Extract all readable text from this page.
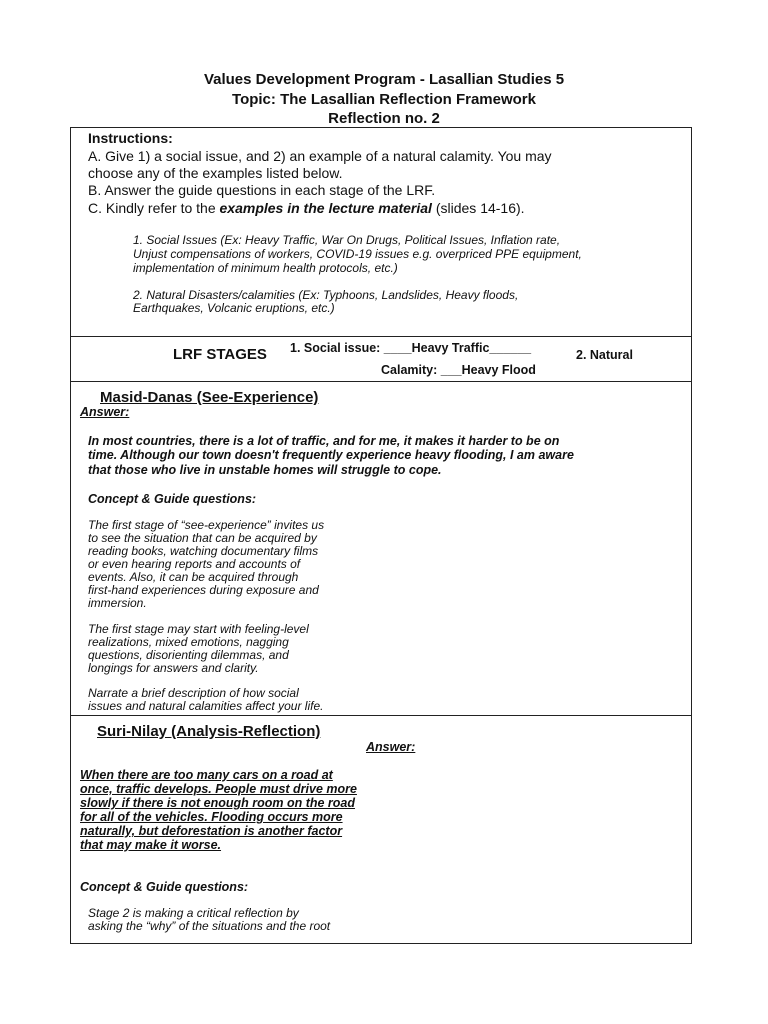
Values Development Program - Lasallian Studies 5
Topic: The Lasallian Reflection Framework
Reflection no. 2
Instructions:
A. Give 1) a social issue, and 2) an example of a natural calamity. You may
choose any of the examples listed below.
B. Answer the guide questions in each stage of the LRF.
C. Kindly refer to the examples in the lecture material (slides 14-16).
1. Social Issues (Ex: Heavy Traffic, War On Drugs, Political Issues, Inflation rate,
Unjust compensations of workers, COVID-19 issues e.g. overpriced PPE equipment,
implementation of minimum health protocols, etc.)
2. Natural Disasters/calamities (Ex: Typhoons, Landslides, Heavy floods,
Earthquakes, Volcanic eruptions, etc.)
LRF STAGES 1. Social issue: ____Heavy Traffic______	2. Natural
Calamity: ___Heavy Flood
Masid-Danas (See-Experience)
Answer:
In most countries, there is a lot of traffic, and for me, it makes it harder to be on
time. Although our town doesn't frequently experience heavy flooding, I am aware
that those who live in unstable homes will struggle to cope.
Concept & Guide questions:
The first stage of “see-experience” invites us
to see the situation that can be acquired by
reading books, watching documentary films
or even hearing reports and accounts of
events. Also, it can be acquired through
first-hand experiences during exposure and
immersion.
The first stage may start with feeling-level
realizations, mixed emotions, nagging
questions, disorienting dilemmas, and
longings for answers and clarity.
Narrate a brief description of how social
issues and natural calamities affect your life.
Suri-Nilay (Analysis-Reflection)
Answer:
When there are too many cars on a road at
once, traffic develops. People must drive more
slowly if there is not enough room on the road
for all of the vehicles. Flooding occurs more
naturally, but deforestation is another factor
that may make it worse.
Concept & Guide questions:
Stage 2 is making a critical reflection by
asking the “why” of the situations and the root
